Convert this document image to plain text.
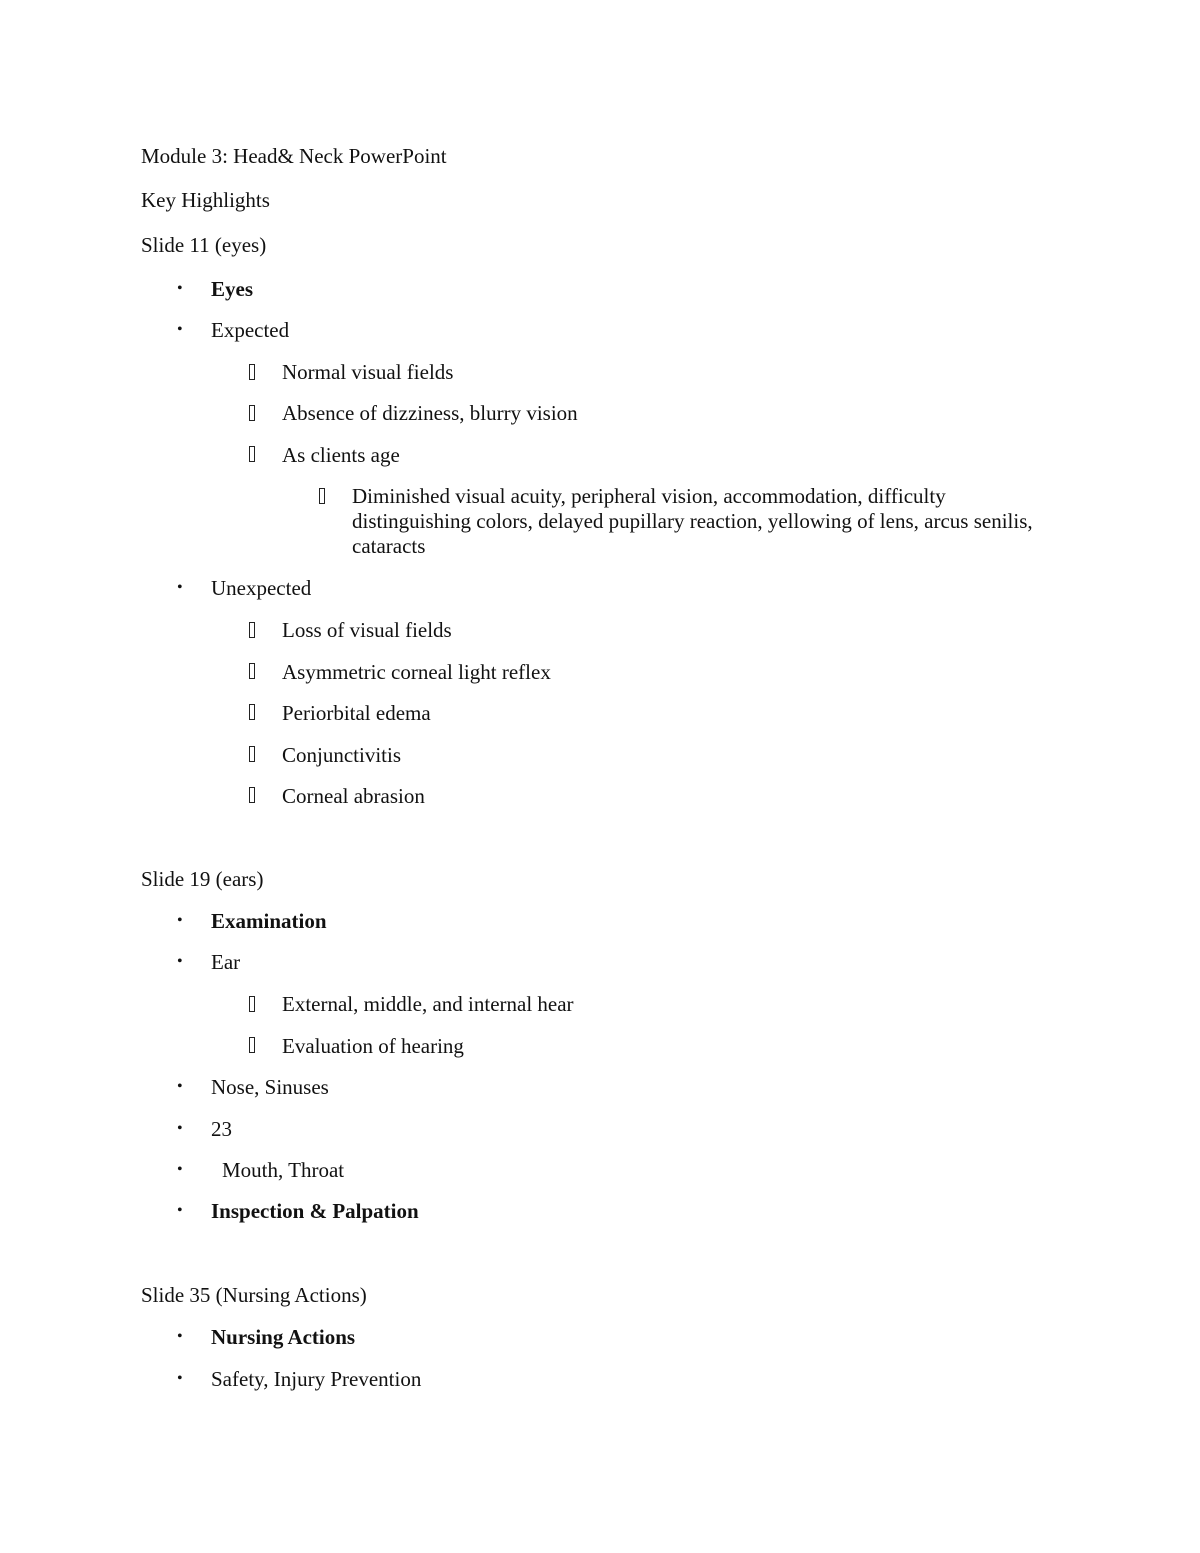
Module 3: Head& Neck PowerPoint
Key Highlights
Slide 11 (eyes)
• Eyes
• Expected
Normal visual fields
Absence of dizziness, blurry vision
As clients age
Diminished visual acuity, peripheral vision, accommodation, difficulty distinguishing colors, delayed pupillary reaction, yellowing of lens, arcus senilis, cataracts
• Unexpected
Loss of visual fields
Asymmetric corneal light reflex
Periorbital edema
Conjunctivitis
Corneal abrasion
Slide 19 (ears)
• Examination
• Ear
External, middle, and internal hear
Evaluation of hearing
• Nose, Sinuses
• 23
• Mouth, Throat
• Inspection & Palpation
Slide 35 (Nursing Actions)
• Nursing Actions
• Safety, Injury Prevention
